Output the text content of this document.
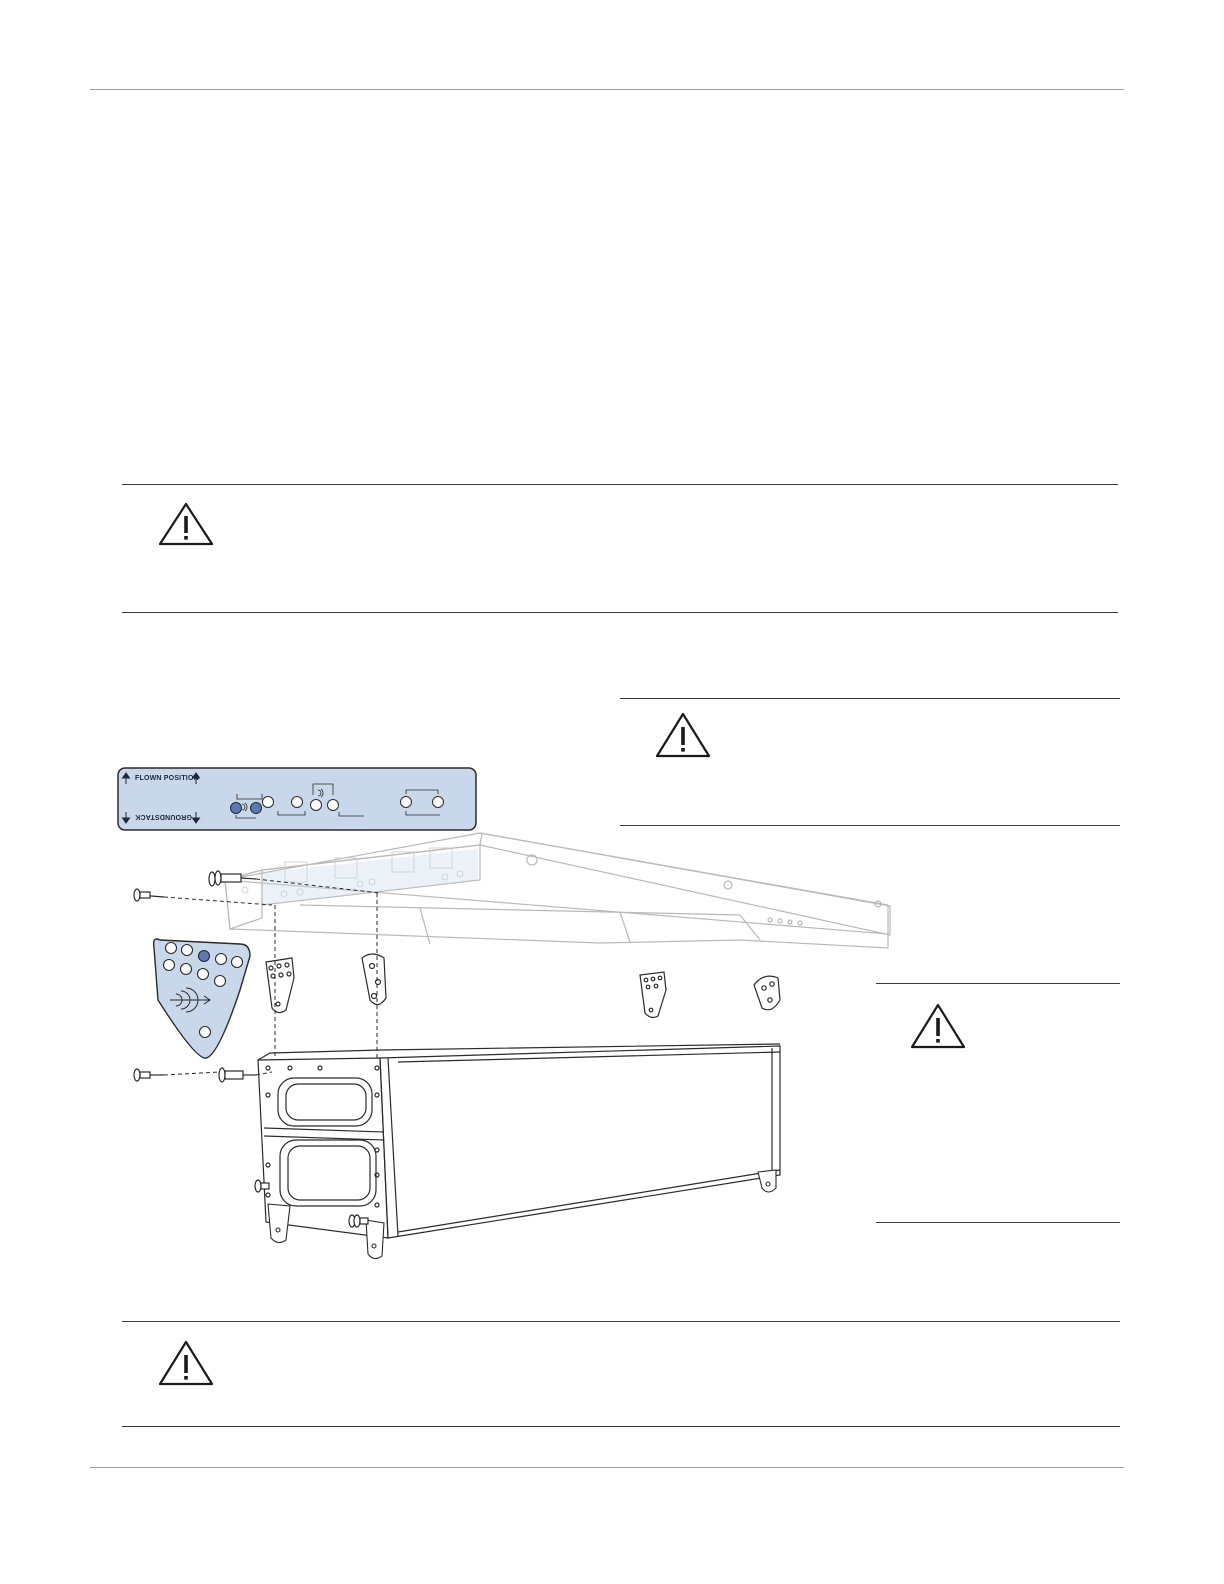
FLOWN POSITION
GROUNDSTACK
